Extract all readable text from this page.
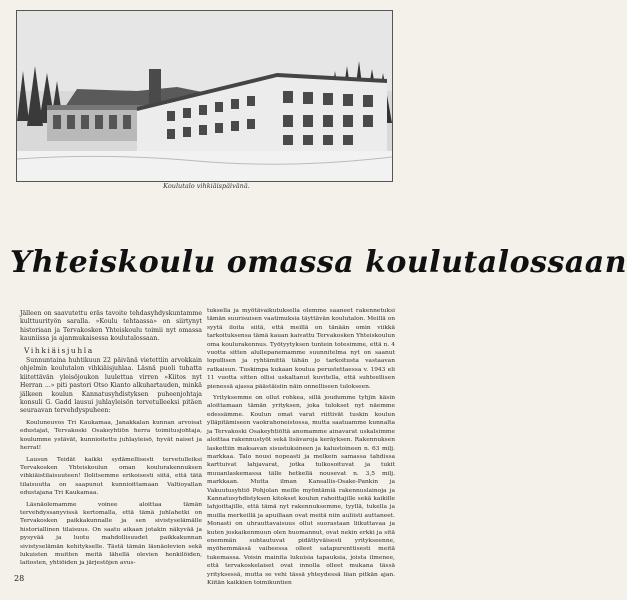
Koulutalo vihkiäispäivänä.
Yhteiskoulu omassa koulutalossaan

Jälleen on saavutettu eräs tavoite tehdasyhdyskuntamme kulttuurityön saralla. »Koulu tehtaassa» on siirtynyt historiaan ja Tervakosken Yhteiskoulu toimii nyt omassa kauniissa ja ajanmukaisessa koulutalossaan.

Vihkiäisjuhla

Sunnuntaina huhtikuun 22 päivänä vietettiin arvokkain ohjelmin koulutalon vihkiäisjuhlaa. Läsnä puoli tuhatta kiitettävän yleisöjoukon luulettua virren »Kiitos nyt Herran ...» piti pastori Otso Kianto alkuhartauden, minkä jälkeen koulun Kannatusyhdistyksen puheenjohtaja konsuli G. Gadd lausui juhlayleisön tervetulleeksi pitäen seuraavan tervehdyspuheen:

Kouluneuvos Tri Kaukamaa, Janakkalan kunnan arvoisat edustajat, Tervakoski Osakeyhtiön herra toimitusjohtaja, koulumme ystävät, kunnioitettu juhlayleisö, hyvät naiset ja herrat!

Lausun Teidät kaikki sydämellisesti tervetulleiksi Tervakosken Yhteiskoulun oman koulurakennuksen vihkiäistilaisuuteen! Ilolitsemme erikoisesti siitä, että tätä tilaisuutta on saapunut kunnioittamaan Valtioyallan edustajana Tri Kaukamaa.

Läsnäolemamme voinee aloittaa tämän tervehdyssanyvissä kertomalla, että tämä juhlahetki on Tervakosken paikkakunnalle ja sen sivistyselämälle historiallinen tilaisuus. On saatu aikaan jotakin näkyvää ja pysyvää ja luotu mahdollisuudet paikkakunnan sivistyselämän kehitykselle. Tästä tämän läsnäolevien sekä lukuisten muitten meitä lähellä olevien henkilöiden, laitosten, yhtiöiden ja järjestöjen avus-

tuksella ja myötävaikutuksella olemme saaneet rakennetuksi tämän suurisuisen vaatimuksia täyttävän koulutalon. Meillä on syytä iloita siitä, että meillä on tänään omin viikkä tarkoituksensa tämä kauan kaivattu Tervakosken Yhteiskoulun oma koulurakennus. Työtyytyksen tuntein totesimme, että n. 4 vuotta sitten alullepanemamme suunnitelma nyt on saanut lopullisen ja ryhtämittä tähän jo tarkoitusta vastaavan ratkaisun. Tuskimpa kukaan koulua perustettaessa v. 1943 eli 11 vuotta sitten ollisi uskaltanut kuvitella, että suhteellisen pienessä ajassa päästäisiin näin onnelliseen tulokseen.

Yrityksemme on ollut rohkea, sillä joudumme tyhjin käsin aloittamaan tämän yrityksen, joka tulokset nyt näemme edessämme. Koulun omat varat riittivät tuskin koulun ylläpitämiseen vaokrahoneistossa, mutta saatuamme kunnalta ja Tervakoski Osakeyhtiöltä anomamme ainavarat uskalsimme aloittaa rakennustyöt sekä lisävaroja keräyksen. Rakennuksen laskettiin maksavan sisustuksineen ja kalustoineen n. 63 milj. markkaa. Talo nousi nopeasti ja melkein samassa tahdissa karttuivat lahjavarat, jotka tulkosoituvat ja tukit muuanlaskemassa tälle hetkellä nousevat n. 3,5 milj. markkaan. Mutta ilman Kansallis-Osake-Pankin ja Vakuutusyhtiö Pohjolan meille myöntämiä rakennuslainoja ja Kannatusyhdistyksen kitokset koulun rahoittajille sekä kaikille lahjoittajille, että tämä nyt rakennuksemme, tyyllä, tukella ja muilla merkeillä ja apuillaan ovat meitä niin auliisti auttaneet. Monasti on uhrauttavaisuus ollut suorastaan liikuttavaa ja kuten joskaikenmuun olen huomannut, ovat nekin erkki ja sitä enemmän suhtautuvat pidättyväisesti yritykseenne, myöhemmässä vaiheessa olleet satapurenttisesti meitä tukemassa. Voisin mainita lukuisia tapauksia, joista ilmenee, että tervakoskelaiset ovat innolla olleet mukana tässä yrityksessä, mutta se vehi tässä yhteydessä liian pitkän ajan. Kiitän kaikkien toimikuntien

28
